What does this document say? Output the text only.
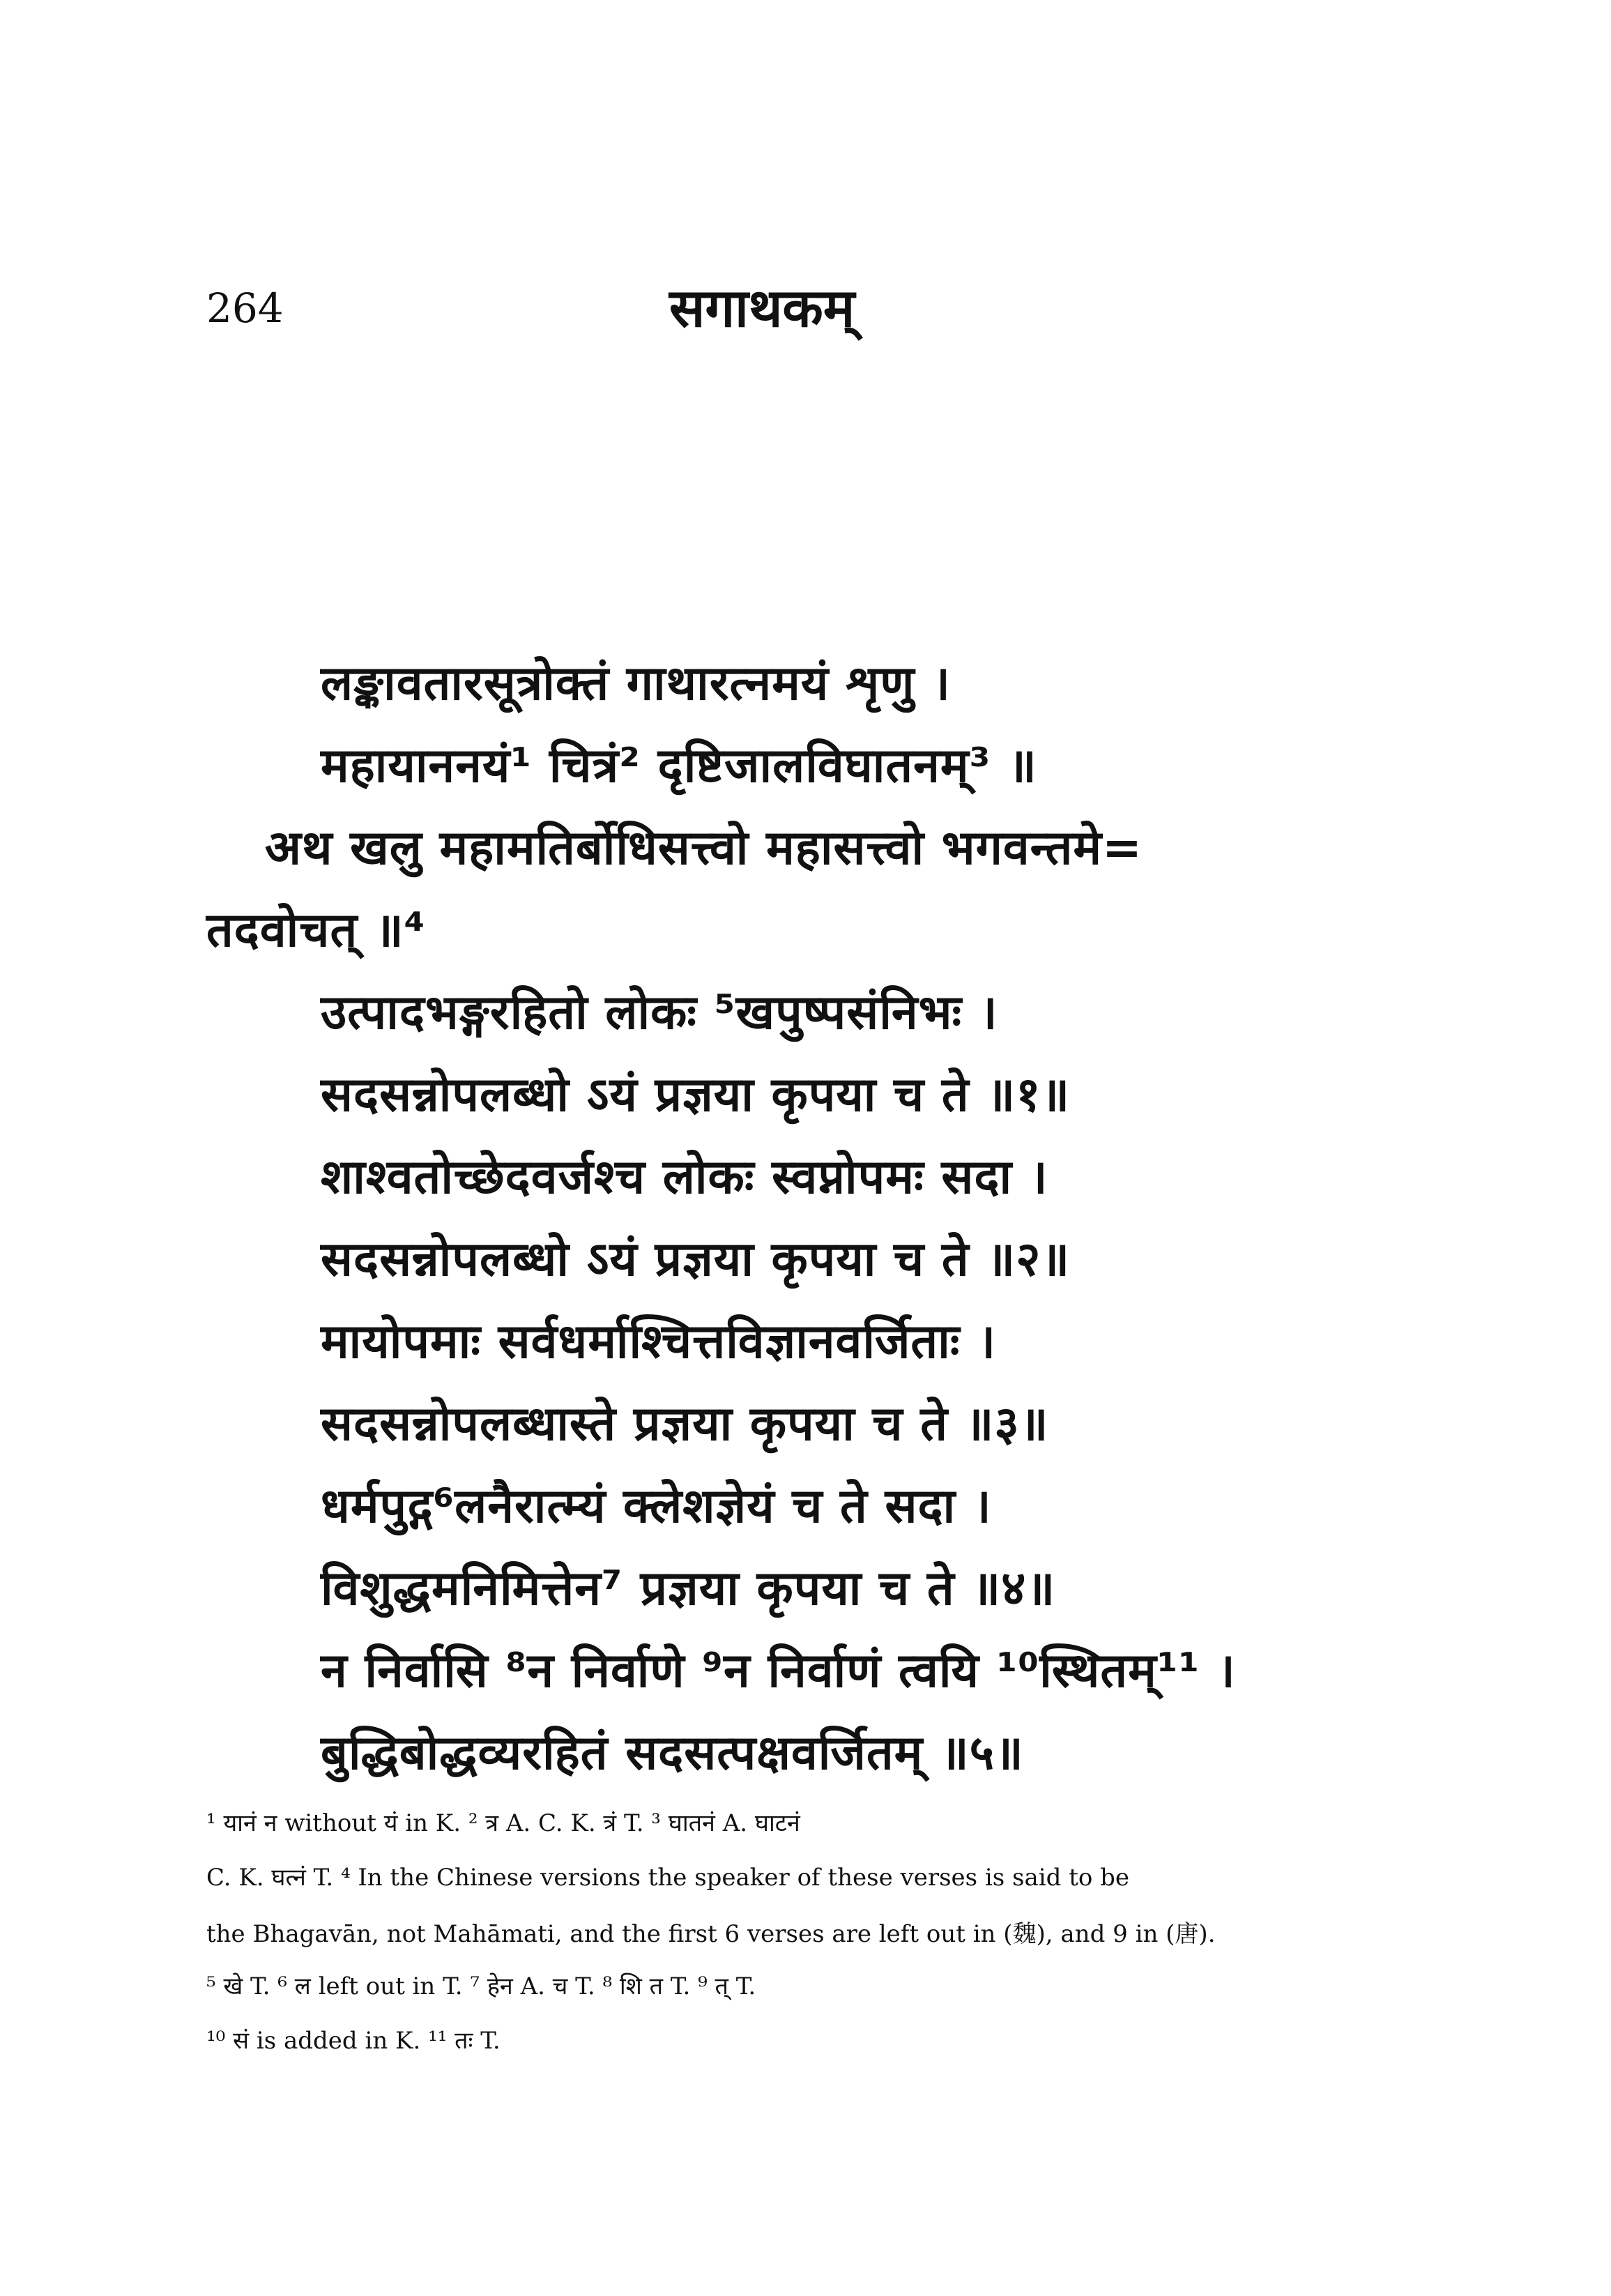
264	सगाथकम्
लङ्कावतारसूत्रोक्तं गाथारत्नमयं शृणु ।
महायाननयं¹ चित्रं² दृष्टिजालविघातनम्³ ॥
अथ खलु महामतिर्बोधिसत्त्वो महासत्त्वो भगवन्तमे=
तदवोचत् ॥⁴
उत्पादभङ्गरहितो लोकः ⁵खपुष्पसंनिभः ।
सदसन्नोपलब्धो ऽयं प्रज्ञया कृपया च ते ॥१॥
शाश्वतोच्छेदवर्जश्च लोकः स्वप्नोपमः सदा ।
सदसन्नोपलब्धो ऽयं प्रज्ञया कृपया च ते ॥२॥
मायोपमाः सर्वधर्माश्चित्तविज्ञानवर्जिताः ।
सदसन्नोपलब्धास्ते प्रज्ञया कृपया च ते ॥३॥
धर्मपुद्ग⁶लनैरात्म्यं क्लेशज्ञेयं च ते सदा ।
विशुद्धमनिमित्तेन⁷ प्रज्ञया कृपया च ते ॥४॥
न निर्वासि ⁸न निर्वाणे ⁹न निर्वाणं त्वयि ¹⁰स्थितम्¹¹ ।
बुद्धिबोद्धव्यरहितं सदसत्पक्षवर्जितम् ॥५॥
¹ यानं न without यं in K. ² त्र A. C. K. त्रं T. ³ घातनं A. घाटनं
C. K. घत्नं T. ⁴ In the Chinese versions the speaker of these verses is said to be
the Bhagavān, not Mahāmati, and the first 6 verses are left out in (魏), and 9 in (唐).
⁵ खे T. ⁶ ल left out in T. ⁷ हेन A. च T. ⁸ शि त T. ⁹ त् T.
¹⁰ सं is added in K. ¹¹ तः T.
